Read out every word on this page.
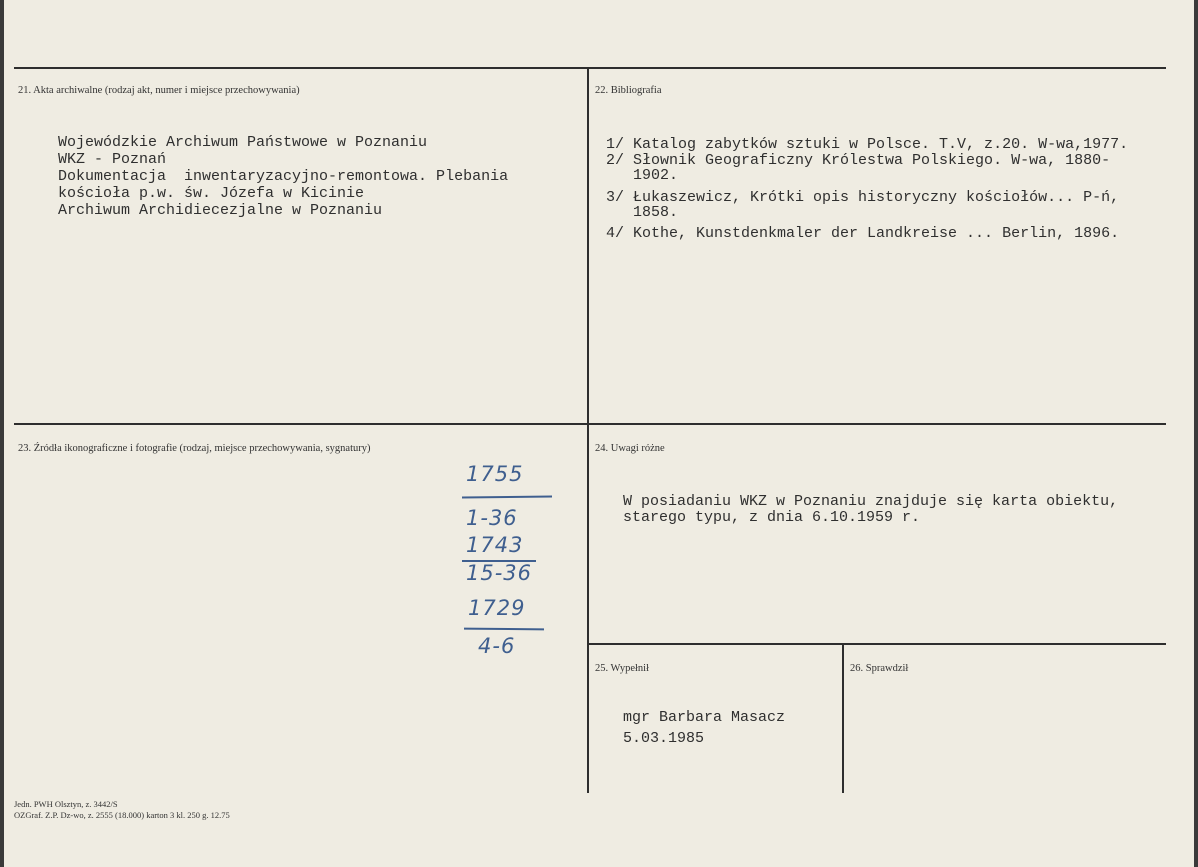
21. Akta archiwalne (rodzaj akt, numer i miejsce przechowywania)
Wojewódzkie Archiwum Państwowe w Poznaniu
WKZ - Poznań
Dokumentacja  inwentaryzacyjno-remontowa. Plebania
kościoła p.w. św. Józefa w Kicinie
Archiwum Archidiecezjalne w Poznaniu
22. Bibliografia
1/ Katalog zabytków sztuki w Polsce. T.V, z.20. W-wa,1977.
2/ Słownik Geograficzny Królestwa Polskiego. W-wa, 1880-
1902.
3/ Łukaszewicz, Krótki opis historyczny kościołów... P-ń,
1858.
4/ Kothe, Kunstdenkmaler der Landkreise ... Berlin, 1896.
23. Źródła ikonograficzne i fotografie (rodzaj, miejsce przechowywania, sygnatury)
1755
1-36
1743
15-36
1729
4-6
24. Uwagi różne
W posiadaniu WKZ w Poznaniu znajduje się karta obiektu,
starego typu, z dnia 6.10.1959 r.
25. Wypełnił
mgr Barbara Masacz
5.03.1985
26. Sprawdził
Jedn. PWH Olsztyn, z. 3442/S
OZGraf. Z.P. Dz-wo, z. 2555 (18.000) karton 3 kl. 250 g. 12.75
